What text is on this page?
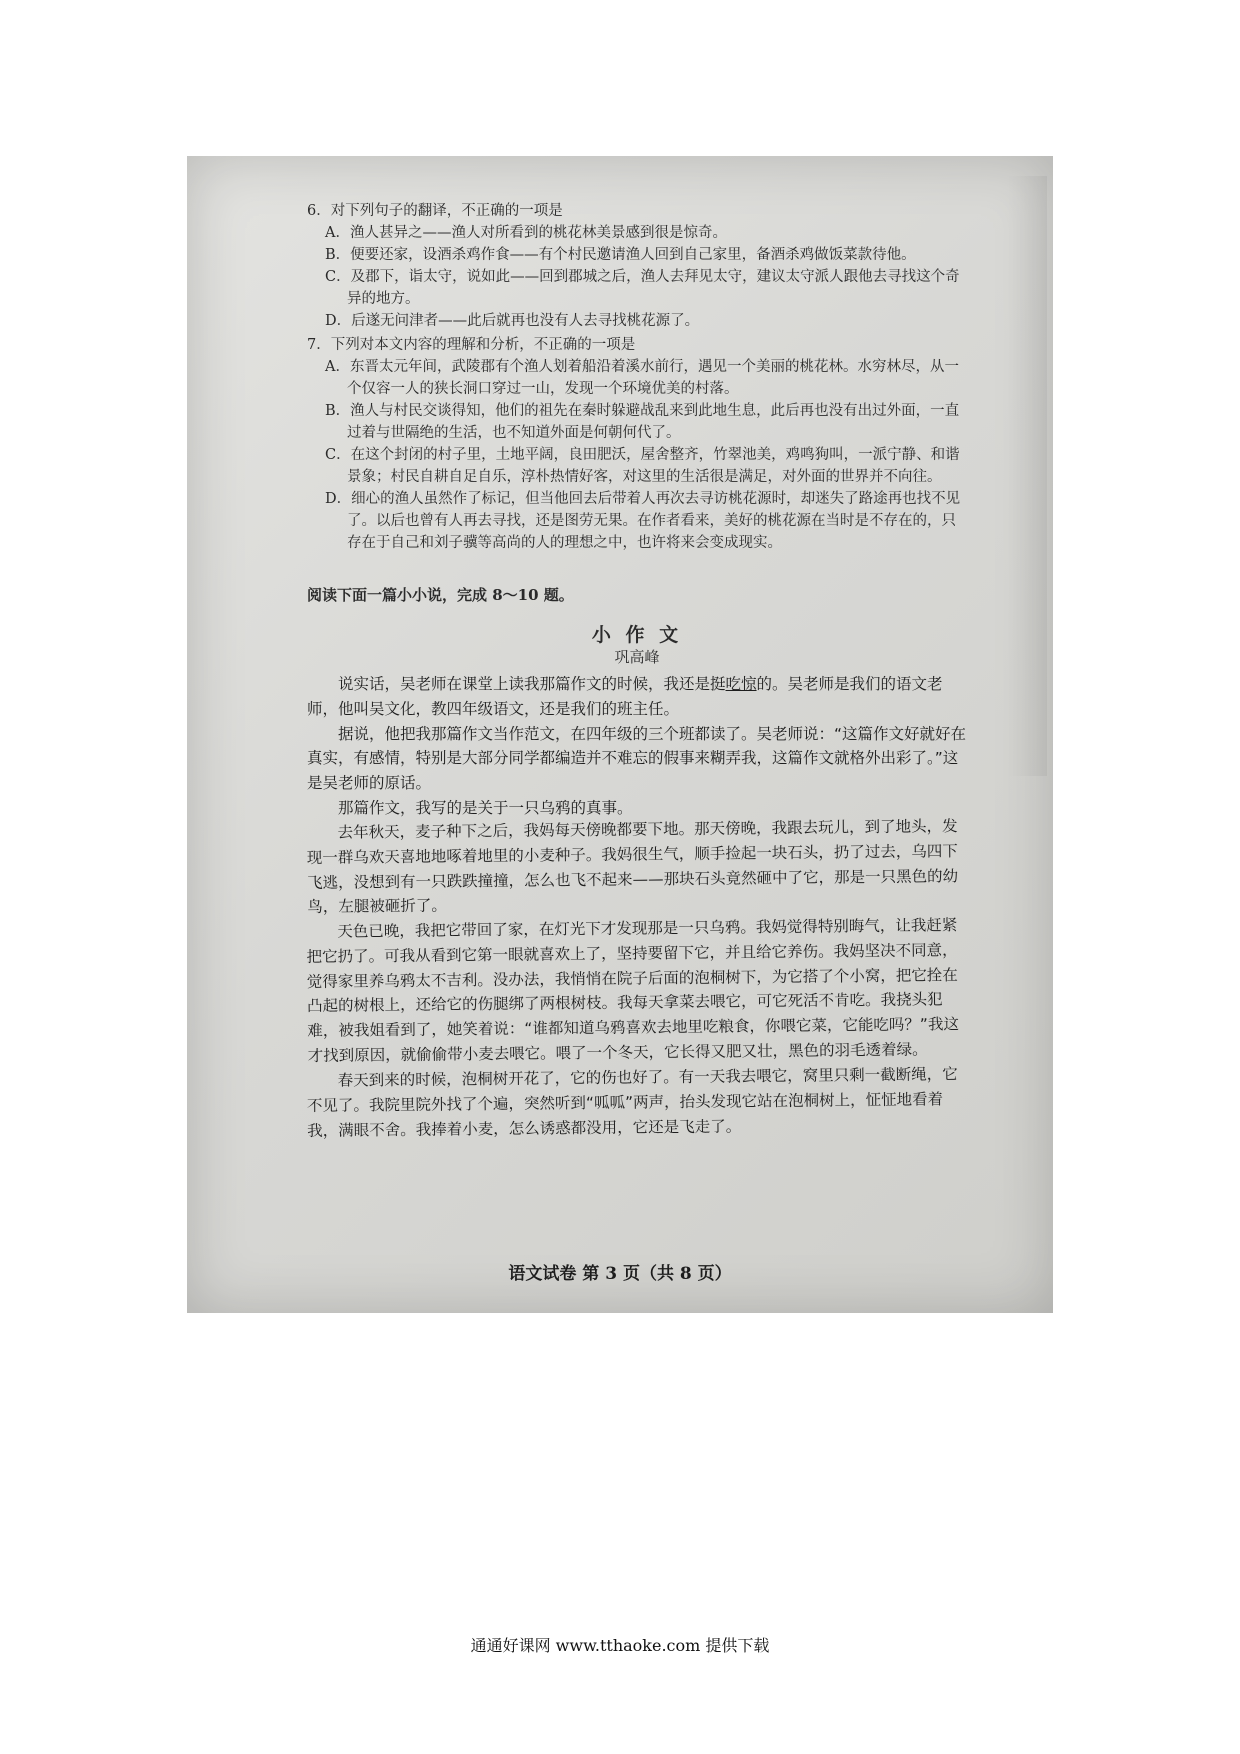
6．对下列句子的翻译，不正确的一项是

A．渔人甚异之——渔人对所看到的桃花林美景感到很是惊奇。

B．便要还家，设酒杀鸡作食——有个村民邀请渔人回到自己家里，备酒杀鸡做饭菜款待他。

C．及郡下，诣太守，说如此——回到郡城之后，渔人去拜见太守，建议太守派人跟他去寻找这个奇异的地方。

D．后遂无问津者——此后就再也没有人去寻找桃花源了。

7．下列对本文内容的理解和分析，不正确的一项是

A．东晋太元年间，武陵郡有个渔人划着船沿着溪水前行，遇见一个美丽的桃花林。水穷林尽，从一个仅容一人的狭长洞口穿过一山，发现一个环境优美的村落。

B．渔人与村民交谈得知，他们的祖先在秦时躲避战乱来到此地生息，此后再也没有出过外面，一直过着与世隔绝的生活，也不知道外面是何朝何代了。

C．在这个封闭的村子里，土地平阔，良田肥沃，屋舍整齐，竹翠池美，鸡鸣狗叫，一派宁静、和谐景象；村民自耕自足自乐，淳朴热情好客，对这里的生活很是满足，对外面的世界并不向往。

D．细心的渔人虽然作了标记，但当他回去后带着人再次去寻访桃花源时，却迷失了路途再也找不见了。以后也曾有人再去寻找，还是图劳无果。在作者看来，美好的桃花源在当时是不存在的，只存在于自己和刘子骥等高尚的人的理想之中，也许将来会变成现实。

阅读下面一篇小小说，完成 8～10 题。

小 作 文

巩高峰

说实话，吴老师在课堂上读我那篇作文的时候，我还是挺吃惊的。吴老师是我们的语文老师，他叫吴文化，教四年级语文，还是我们的班主任。

据说，他把我那篇作文当作范文，在四年级的三个班都读了。吴老师说：“这篇作文好就好在真实，有感情，特别是大部分同学都编造并不难忘的假事来糊弄我，这篇作文就格外出彩了。”这是吴老师的原话。

那篇作文，我写的是关于一只乌鸦的真事。

去年秋天，麦子种下之后，我妈每天傍晚都要下地。那天傍晚，我跟去玩儿，到了地头，发现一群乌欢天喜地地啄着地里的小麦种子。我妈很生气，顺手捡起一块石头，扔了过去，乌四下飞逃，没想到有一只跌跌撞撞，怎么也飞不起来——那块石头竟然砸中了它，那是一只黑色的幼鸟，左腿被砸折了。

天色已晚，我把它带回了家，在灯光下才发现那是一只乌鸦。我妈觉得特别晦气，让我赶紧把它扔了。可我从看到它第一眼就喜欢上了，坚持要留下它，并且给它养伤。我妈坚决不同意，觉得家里养乌鸦太不吉利。没办法，我悄悄在院子后面的泡桐树下，为它搭了个小窝，把它拴在凸起的树根上，还给它的伤腿绑了两根树枝。我每天拿菜去喂它，可它死活不肯吃。我挠头犯难，被我姐看到了，她笑着说：“谁都知道乌鸦喜欢去地里吃粮食，你喂它菜，它能吃吗？”我这才找到原因，就偷偷带小麦去喂它。喂了一个冬天，它长得又肥又壮，黑色的羽毛透着绿。

春天到来的时候，泡桐树开花了，它的伤也好了。有一天我去喂它，窝里只剩一截断绳，它不见了。我院里院外找了个遍，突然听到“呱呱”两声，抬头发现它站在泡桐树上，怔怔地看着我，满眼不舍。我捧着小麦，怎么诱惑都没用，它还是飞走了。

语文试卷 第 3 页（共 8 页）
通通好课网 www.tthaoke.com 提供下载
